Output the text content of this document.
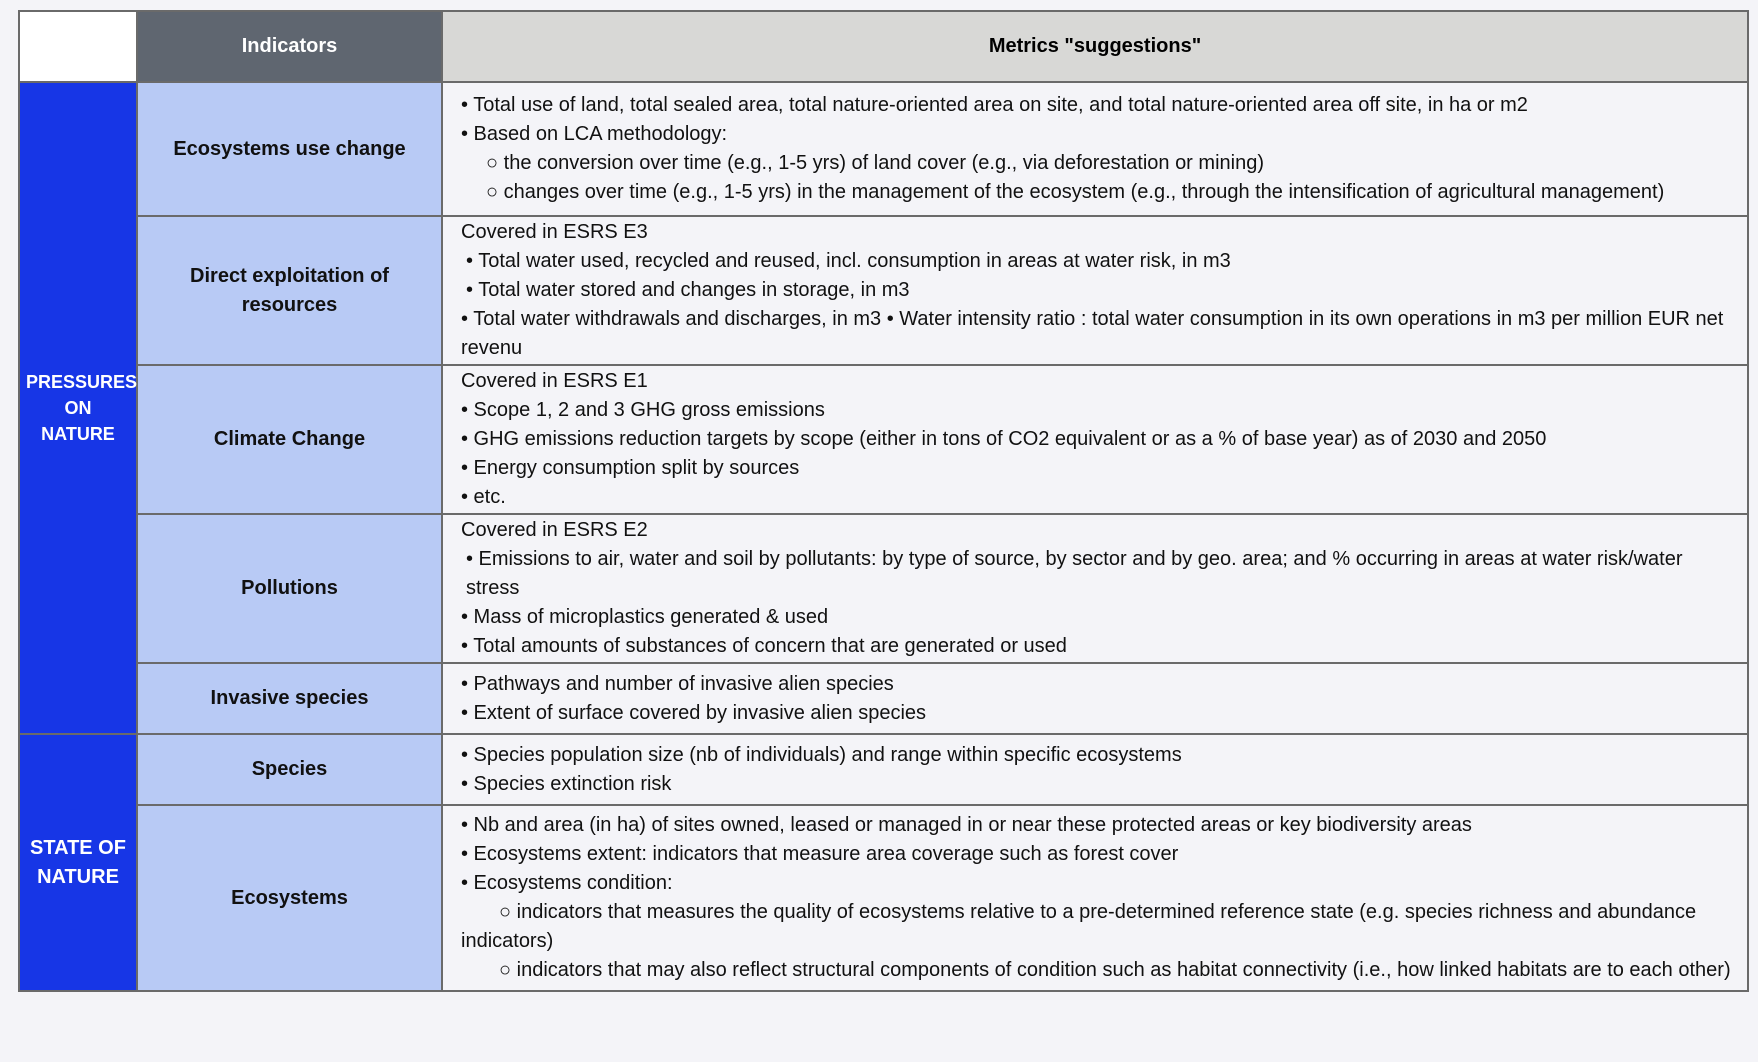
	Indicators	Metrics "suggestions"
PRESSURES ON NATURE	Ecosystems use change	• Total use of land, total sealed area, total nature-oriented area on site, and total nature-oriented area off site, in ha or m2
• Based on LCA methodology:
○ the conversion over time (e.g., 1-5 yrs) of land cover (e.g., via deforestation or mining)
○ changes over time (e.g., 1-5 yrs) in the management of the ecosystem (e.g., through the intensification of agricultural management)

	Direct exploitation of resources	Covered in ESRS E3
• Total water used, recycled and reused, incl. consumption in areas at water risk, in m3
• Total water stored and changes in storage, in m3
• Total water withdrawals and discharges, in m3 • Water intensity ratio : total water consumption in its own operations in m3 per million EUR net revenu

	Climate Change	Covered in ESRS E1
• Scope 1, 2 and 3 GHG gross emissions
• GHG emissions reduction targets by scope (either in tons of CO2 equivalent or as a % of base year) as of 2030 and 2050
• Energy consumption split by sources
• etc.

	Pollutions	Covered in ESRS E2
• Emissions to air, water and soil by pollutants: by type of source, by sector and by geo. area; and % occurring in areas at water risk/water stress
• Mass of microplastics generated & used
• Total amounts of substances of concern that are generated or used

	Invasive species	• Pathways and number of invasive alien species
• Extent of surface covered by invasive alien species

STATE OF NATURE	Species	• Species population size (nb of individuals) and range within specific ecosystems
• Species extinction risk

	Ecosystems	• Nb and area (in ha) of sites owned, leased or managed in or near these protected areas or key biodiversity areas
• Ecosystems extent: indicators that measure area coverage such as forest cover
• Ecosystems condition:
○ indicators that measures the quality of ecosystems relative to a pre-determined reference state (e.g. species richness and abundance indicators)
○ indicators that may also reflect structural components of condition such as habitat connectivity (i.e., how linked habitats are to each other)
